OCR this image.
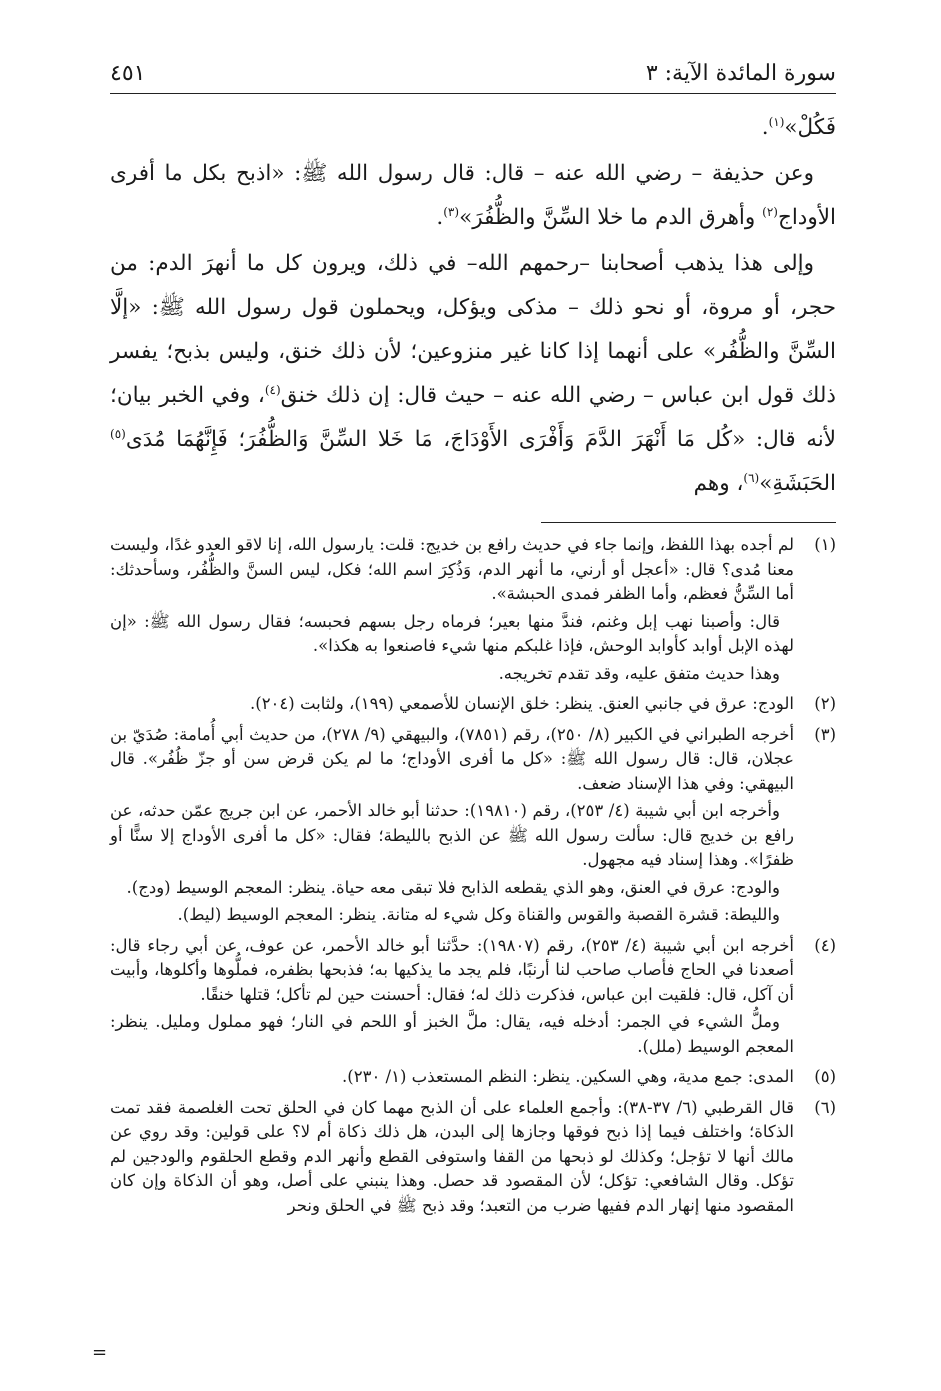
سورة المائدة الآية: ٣
٤٥١

فَكُلْ»$^{(١)}$.

وعن حذيفة – رضي الله عنه – قال: قال رسول الله ﷺ: «اذبح بكل ما أفرى الأوداج$^{(٢)}$ وأهرق الدم ما خلا السِّنَّ والظُّفُرَ»$^{(٣)}$.

وإلى هذا يذهب أصحابنا –رحمهم الله– في ذلك، ويرون كل ما أنهرَ الدم: من حجر، أو مروة، أو نحو ذلك – مذكى ويؤكل، ويحملون قول رسول الله ﷺ: «إلَّا السِّنَّ والظُّفُر» على أنهما إذا كانا غير منزوعين؛ لأن ذلك خنق، وليس بذبح؛ يفسر ذلك قول ابن عباس – رضي الله عنه – حيث قال: إن ذلك خنق$^{(٤)}$، وفي الخبر بيان؛ لأنه قال: «كُل مَا أَنْهَرَ الدَّمَ وَأَفْرَى الأَوْدَاجَ، مَا خَلا السِّنَّ وَالظُّفُرَ؛ فَإِنَّهُمَا مُدَى$^{(٥)}$ الحَبَشَةِ»$^{(٦)}$، وهم

(١)

لم أجده بهذا اللفظ، وإنما جاء في حديث رافع بن خديج: قلت: يارسول الله، إنا لاقو العدو غدًا، وليست معنا مُدى؟ قال: «أعجل أو أرني، ما أنهر الدم، وَذُكِرَ اسم الله؛ فكل، ليس السنَّ والظُّفُر، وسأحدثك: أما السِّنُّ فعظم، وأما الظفر فمدى الحبشة».

قال: وأصبنا نهب إبل وغنم، فندَّ منها بعير؛ فرماه رجل بسهم فحبسه؛ فقال رسول الله ﷺ: «إن لهذه الإبل أوابد كأوابد الوحش، فإذا غلبكم منها شيء فاصنعوا به هكذا».

وهذا حديث متفق عليه، وقد تقدم تخريجه.

(٢)

الودج: عرق في جانبي العنق. ينظر: خلق الإنسان للأصمعي (١٩٩)، ولثابت (٢٠٤).

(٣)

أخرجه الطبراني في الكبير (٨/ ٢٥٠)، رقم (٧٨٥١)، والبيهقي (٩/ ٢٧٨)، من حديث أبي أُمامة: صُدَيّ بن عجلان، قال: قال رسول الله ﷺ: «كل ما أفرى الأوداج؛ ما لم يكن قرض سن أو جزّ ظُفُر». قال البيهقي: وفي هذا الإسناد ضعف.

وأخرجه ابن أبي شيبة (٤/ ٢٥٣)، رقم (١٩٨١٠): حدثنا أبو خالد الأحمر، عن ابن جريج عمّن حدثه، عن رافع بن خديج قال: سألت رسول الله ﷺ عن الذبح بالليطة؛ فقال: «كل ما أفرى الأوداج إلا سنًّا أو ظفرًا». وهذا إسناد فيه مجهول.

والودج: عرق في العنق، وهو الذي يقطعه الذابح فلا تبقى معه حياة. ينظر: المعجم الوسيط (ودج).

والليطة: قشرة القصبة والقوس والقناة وكل شيء له متانة. ينظر: المعجم الوسيط (ليط).

(٤)

أخرجه ابن أبي شيبة (٤/ ٢٥٣)، رقم (١٩٨٠٧): حدَّثنا أبو خالد الأحمر، عن عوف، عن أبي رجاء قال: أصعدنا في الحاج فأصاب صاحب لنا أرنبًا، فلم يجد ما يذكيها به؛ فذبحها بظفره، فملُّوها وأكلوها، وأبيت أن آكل، قال: فلقيت ابن عباس، فذكرت ذلك له؛ فقال: أحسنت حين لم تأكل؛ قتلها خنقًا.

وملُّ الشيء في الجمر: أدخله فيه، يقال: ملَّ الخبز أو اللحم في النار؛ فهو مملول ومليل. ينظر: المعجم الوسيط (ملل).

(٥)

المدى: جمع مدية، وهي السكين. ينظر: النظم المستعذب (١/ ٢٣٠).

(٦)

قال القرطبي (٦/ ٣٧-٣٨): وأجمع العلماء على أن الذبح مهما كان في الحلق تحت الغلصمة فقد تمت الذكاة؛ واختلف فيما إذا ذبح فوقها وجازها إلى البدن، هل ذلك ذكاة أم لا؟ على قولين: وقد روي عن مالك أنها لا تؤجل؛ وكذلك لو ذبحها من القفا واستوفى القطع وأنهر الدم وقطع الحلقوم والودجين لم تؤكل. وقال الشافعي: تؤكل؛ لأن المقصود قد حصل. وهذا ينبني على أصل، وهو أن الذكاة وإن كان المقصود منها إنهار الدم ففيها ضرب من التعبد؛ وقد ذبح ﷺ في الحلق ونحر

=
